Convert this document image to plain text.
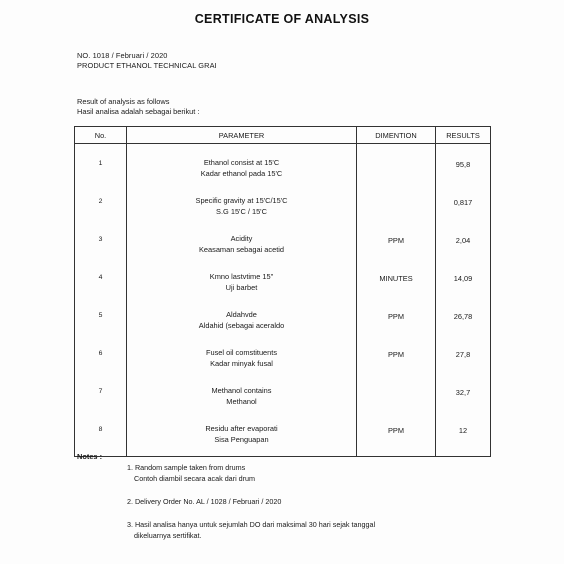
CERTIFICATE OF ANALYSIS
NO. 1018 / Februari / 2020
PRODUCT ETHANOL TECHNICAL GRAI
Result of analysis as follows
Hasil analisa adalah sebagai berikut :
No.	PARAMETER	DIMENTION	RESULTS

1	Ethanol consist at 15'C
Kadar ethanol pada 15'C		95,8
2	Specific gravity at 15'C/15'C
S.G 15'C / 15'C		0,817
3	Acidity
Keasaman sebagai acetid	PPM	2,04
4	Kmno lastvtime 15"
Uji barbet	MINUTES	14,09
5	Aldahvde
Aldahid (sebagai aceraldo	PPM	26,78
6	Fusel oil comstituents
Kadar minyak fusal	PPM	27,8
7	Methanol contains
Methanol		32,7
8	Residu after evaporati
Sisa Penguapan	PPM	12
Notes :
1. Random sample taken from drums

Contoh diambil secara acak dari drum
2. Delivery Order No. AL / 1028 / Februari / 2020
3. Hasil analisa hanya untuk sejumlah DO dari maksimal 30 hari sejak tanggal

dikeluarnya sertifikat.
